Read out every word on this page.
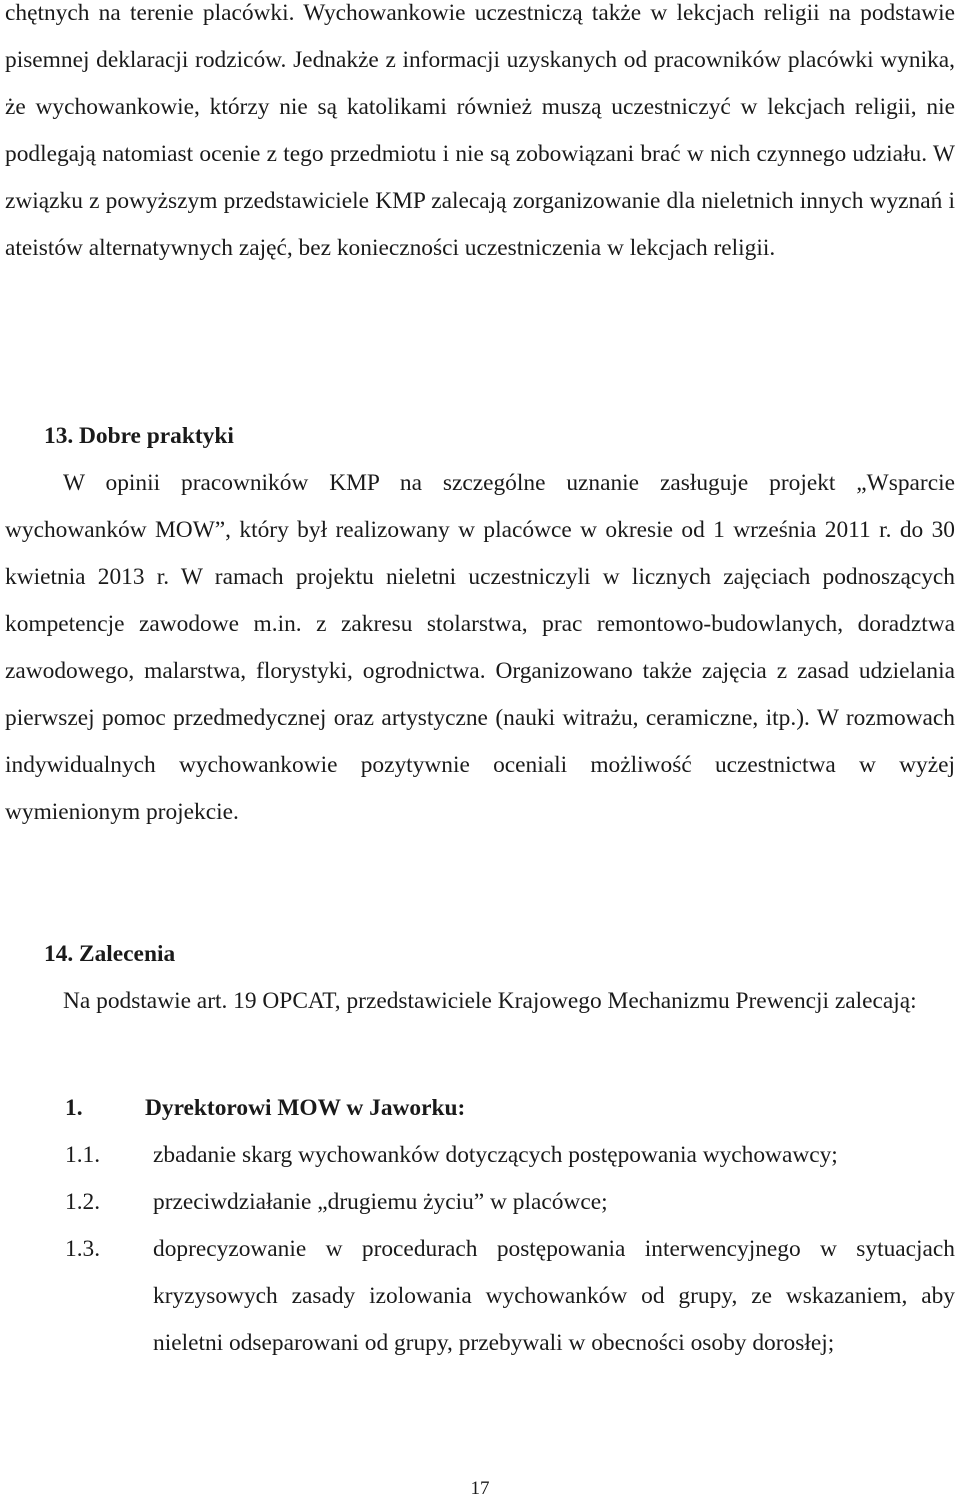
chętnych na terenie placówki. Wychowankowie uczestniczą także w lekcjach religii na podstawie pisemnej deklaracji rodziców. Jednakże z informacji uzyskanych od pracowników placówki wynika, że wychowankowie, którzy nie są katolikami również muszą uczestniczyć w lekcjach religii, nie podlegają natomiast ocenie z tego przedmiotu i nie są zobowiązani brać w nich czynnego udziału. W związku z powyższym przedstawiciele KMP zalecają zorganizowanie dla nieletnich innych wyznań i ateistów alternatywnych zajęć, bez konieczności uczestniczenia w lekcjach religii.

13. Dobre praktyki

W opinii pracowników KMP na szczególne uznanie zasługuje projekt „Wsparcie wychowanków MOW”, który był realizowany w placówce w okresie od 1 września 2011 r. do 30 kwietnia 2013 r. W ramach projektu nieletni uczestniczyli w licznych zajęciach podnoszących kompetencje zawodowe m.in. z zakresu stolarstwa, prac remontowo-budowlanych, doradztwa zawodowego, malarstwa, florystyki, ogrodnictwa. Organizowano także zajęcia z zasad udzielania pierwszej pomoc przedmedycznej oraz artystyczne (nauki witrażu, ceramiczne, itp.). W rozmowach indywidualnych wychowankowie pozytywnie oceniali możliwość uczestnictwa w wyżej wymienionym projekcie.

14. Zalecenia

Na podstawie art. 19 OPCAT, przedstawiciele Krajowego Mechanizmu Prewencji zalecają:

1.	Dyrektorowi MOW w Jaworku:
1.1. zbadanie skarg wychowanków dotyczących postępowania wychowawcy;

1.2. przeciwdziałanie „drugiemu życiu” w placówce;

1.3. doprecyzowanie w procedurach postępowania interwencyjnego w sytuacjach kryzysowych zasady izolowania wychowanków od grupy, ze wskazaniem, aby nieletni odseparowani od grupy, przebywali w obecności osoby dorosłej;

17
